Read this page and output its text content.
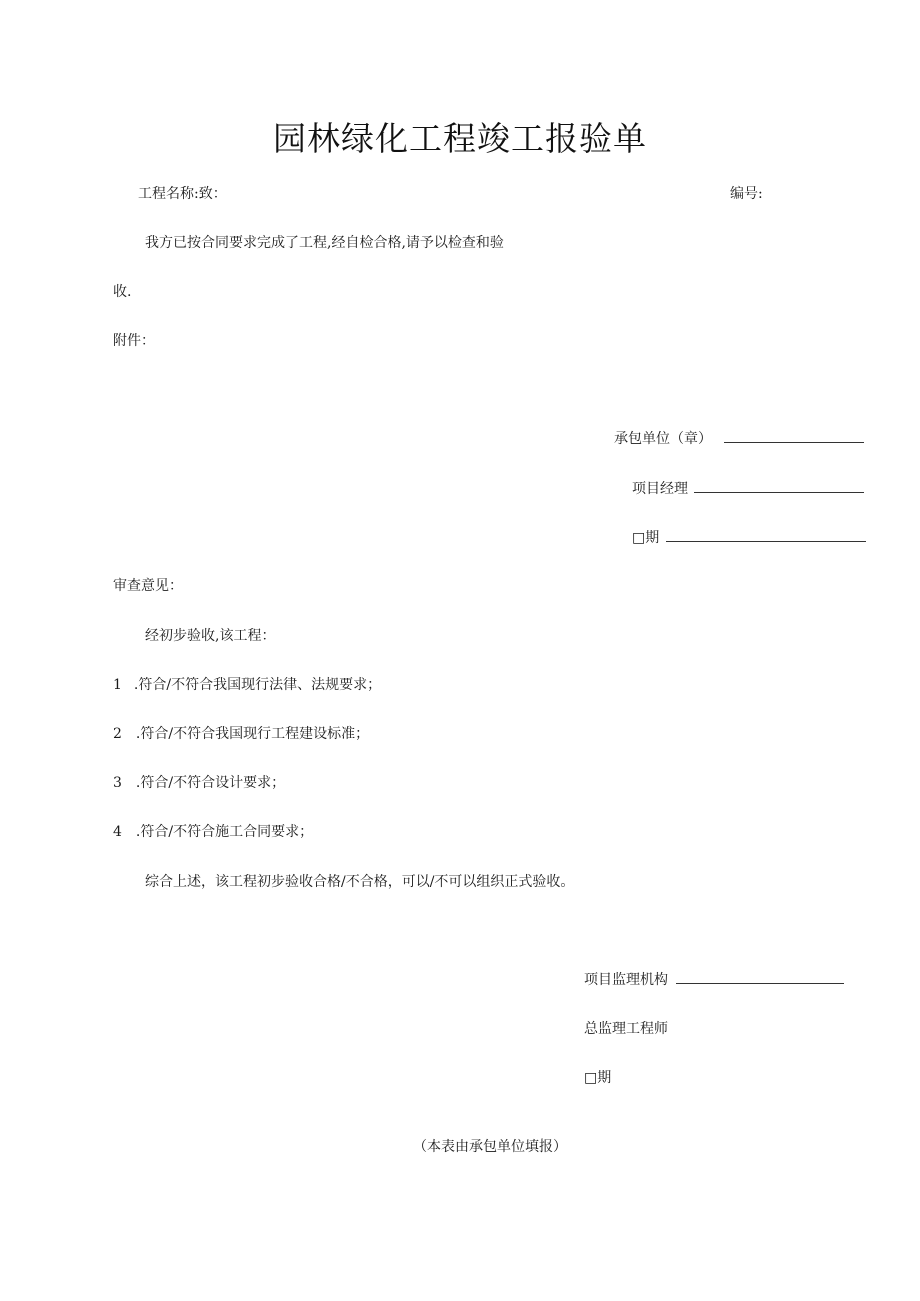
园林绿化工程竣工报验单
工程名称:致：	编号:
我方已按合同要求完成了工程,经自检合格,请予以检查和验
收.
附件：
承包单位（章）
项目经理
□期
审查意见：
经初步验收,该工程：
1 .符合/不符合我国现行法律、法规要求；
2 .符合/不符合我国现行工程建设标准；
3 .符合/不符合设计要求；
4 .符合/不符合施工合同要求；
综合上述，该工程初步验收合格/不合格，可以/不可以组织正式验收。
项目监理机构
总监理工程师
□期
（本表由承包单位填报）
